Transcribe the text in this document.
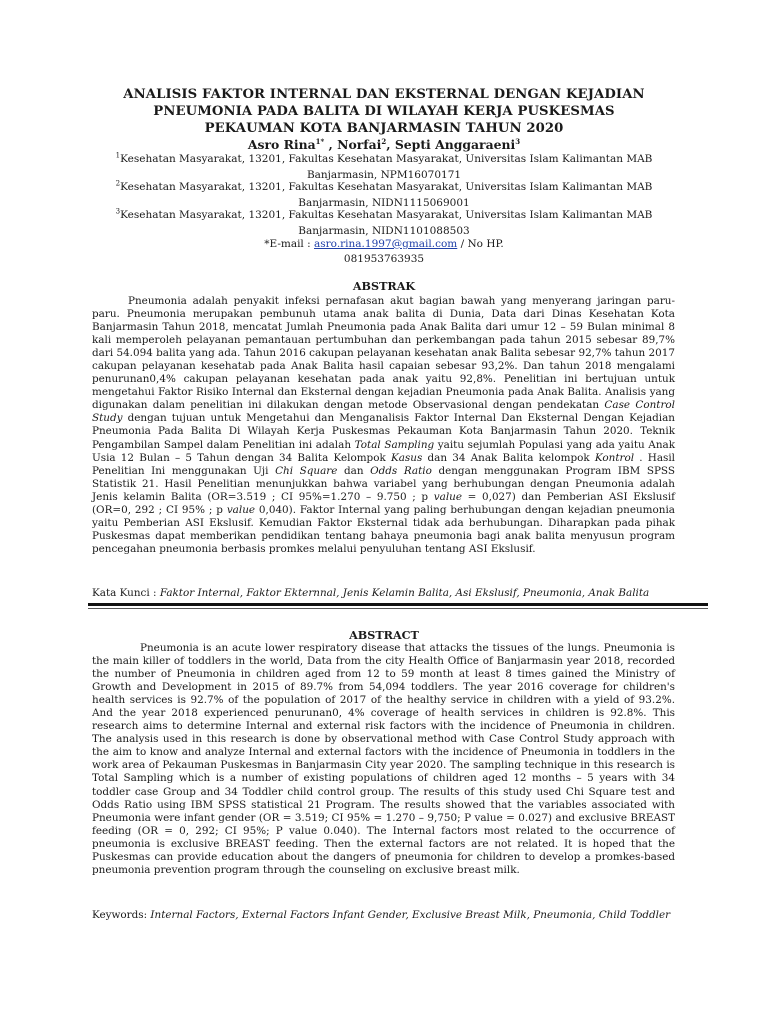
ANALISIS FAKTOR INTERNAL DAN EKSTERNAL DENGAN KEJADIAN
PNEUMONIA PADA BALITA DI WILAYAH KERJA PUSKESMAS
PEKAUMAN KOTA BANJARMASIN TAHUN 2020
Asro Rina$^{1*}$ , Norfai$^2$, Septi Anggaraeni$^3$
$^1$Kesehatan Masyarakat, 13201, Fakultas Kesehatan Masyarakat, Universitas Islam Kalimantan MAB
Banjarmasin, NPM16070171
$^2$Kesehatan Masyarakat, 13201, Fakultas Kesehatan Masyarakat, Universitas Islam Kalimantan MAB
Banjarmasin, NIDN1115069001
$^3$Kesehatan Masyarakat, 13201, Fakultas Kesehatan Masyarakat, Universitas Islam Kalimantan MAB
Banjarmasin, NIDN1101088503
*E-mail : asro.rina.1997@gmail.com / No HP.
081953763935
ABSTRAK

Pneumonia adalah penyakit infeksi pernafasan akut bagian bawah yang menyerang jaringan paru-paru. Pneumonia merupakan pembunuh utama anak balita di Dunia, Data dari Dinas Kesehatan Kota Banjarmasin Tahun 2018, mencatat Jumlah Pneumonia pada Anak Balita dari umur 12 – 59 Bulan minimal 8 kali memperoleh pelayanan pemantauan pertumbuhan dan perkembangan pada tahun 2015 sebesar 89,7% dari 54.094 balita yang ada. Tahun 2016 cakupan pelayanan kesehatan anak Balita sebesar 92,7% tahun 2017 cakupan pelayanan kesehatab pada Anak Balita hasil capaian sebesar 93,2%. Dan tahun 2018 mengalami penurunan0,4% cakupan pelayanan kesehatan pada anak yaitu 92,8%. Penelitian ini bertujuan untuk mengetahui Faktor Risiko Internal dan Eksternal dengan kejadian Pneumonia pada Anak Balita. Analisis yang digunakan dalam penelitian ini dilakukan dengan metode Observasional dengan pendekatan Case Control Study dengan tujuan untuk Mengetahui dan Menganalisis Faktor Internal Dan Eksternal Dengan Kejadian Pneumonia Pada Balita Di Wilayah Kerja Puskesmas Pekauman Kota Banjarmasin Tahun 2020. Teknik Pengambilan Sampel dalam Penelitian ini adalah Total Sampling yaitu sejumlah Populasi yang ada yaitu Anak Usia 12 Bulan – 5 Tahun dengan 34 Balita Kelompok Kasus dan 34 Anak Balita kelompok Kontrol . Hasil Penelitian Ini menggunakan Uji Chi Square dan Odds Ratio dengan menggunakan Program IBM SPSS Statistik 21. Hasil Penelitian menunjukkan bahwa variabel yang berhubungan dengan Pneumonia adalah Jenis kelamin Balita (OR=3.519 ; CI 95%=1.270 – 9.750 ; p value = 0,027) dan Pemberian ASI Ekslusif (OR=0, 292 ; CI 95% ; p value 0,040). Faktor Internal yang paling berhubungan dengan kejadian pneumonia yaitu Pemberian ASI Ekslusif. Kemudian Faktor Eksternal tidak ada berhubungan. Diharapkan pada pihak Puskesmas dapat memberikan pendidikan tentang bahaya pneumonia bagi anak balita menyusun program pencegahan pneumonia berbasis promkes melalui penyuluhan tentang ASI Ekslusif.

Kata Kunci : Faktor Internal, Faktor Ekternnal, Jenis Kelamin Balita, Asi Ekslusif, Pneumonia, Anak Balita
ABSTRACT

Pneumonia is an acute lower respiratory disease that attacks the tissues of the lungs. Pneumonia is the main killer of toddlers in the world, Data from the city Health Office of Banjarmasin year 2018, recorded the number of Pneumonia in children aged from 12 to 59 month at least 8 times gained the Ministry of Growth and Development in 2015 of 89.7% from 54,094 toddlers. The year 2016 coverage for children's health services is 92.7% of the population of 2017 of the healthy service in children with a yield of 93.2%. And the year 2018 experienced penurunan0, 4% coverage of health services in children is 92.8%. This research aims to determine Internal and external risk factors with the incidence of Pneumonia in children. The analysis used in this research is done by observational method with Case Control Study approach with the aim to know and analyze Internal and external factors with the incidence of Pneumonia in toddlers in the work area of Pekauman Puskesmas in Banjarmasin City year 2020. The sampling technique in this research is Total Sampling which is a number of existing populations of children aged 12 months – 5 years with 34 toddler case Group and 34 Toddler child control group. The results of this study used Chi Square test and Odds Ratio using IBM SPSS statistical 21 Program. The results showed that the variables associated with Pneumonia were infant gender (OR = 3.519; CI 95% = 1.270 – 9,750; P value = 0.027) and exclusive BREAST feeding (OR = 0, 292; CI 95%; P value 0.040). The Internal factors most related to the occurrence of pneumonia is exclusive BREAST feeding. Then the external factors are not related. It is hoped that the Puskesmas can provide education about the dangers of pneumonia for children to develop a promkes-based pneumonia prevention program through the counseling on exclusive breast milk.

Keywords: Internal Factors, External Factors Infant Gender, Exclusive Breast Milk, Pneumonia, Child Toddler
